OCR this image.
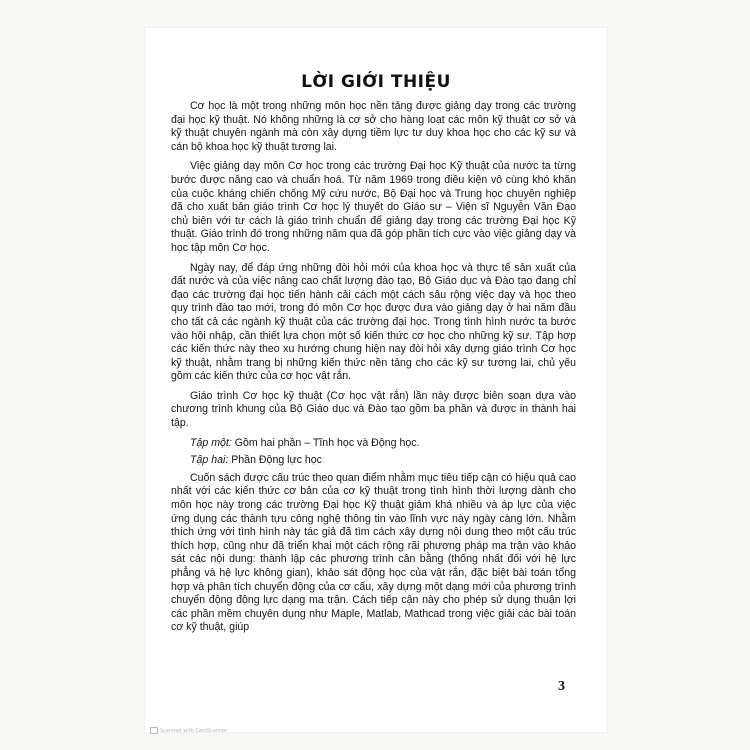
LỜI GIỚI THIỆU

Cơ học là một trong những môn học nền tảng được giảng dạy trong các trường đại học kỹ thuật. Nó không những là cơ sở cho hàng loạt các môn kỹ thuật cơ sở và kỹ thuật chuyên ngành mà còn xây dựng tiềm lực tư duy khoa học cho các kỹ sư và cán bộ khoa học kỹ thuật tương lai.

Việc giảng dạy môn Cơ học trong các trường Đại học Kỹ thuật của nước ta từng bước được nâng cao và chuẩn hoá. Từ năm 1969 trong điều kiện vô cùng khó khăn của cuộc kháng chiến chống Mỹ cứu nước, Bộ Đại học và Trung học chuyên nghiệp đã cho xuất bản giáo trình Cơ học lý thuyết do Giáo sư – Viện sĩ Nguyễn Văn Đạo chủ biên với tư cách là giáo trình chuẩn để giảng dạy trong các trường Đại học Kỹ thuật. Giáo trình đó trong những năm qua đã góp phần tích cực vào việc giảng dạy và học tập môn Cơ học.

Ngày nay, để đáp ứng những đòi hỏi mới của khoa học và thực tế sản xuất của đất nước và của việc nâng cao chất lượng đào tạo, Bộ Giáo dục và Đào tạo đang chỉ đạo các trường đại học tiến hành cải cách một cách sâu rộng việc dạy và học theo quy trình đào tạo mới, trong đó môn Cơ học được đưa vào giảng dạy ở hai năm đầu cho tất cả các ngành kỹ thuật của các trường đại học. Trong tình hình nước ta bước vào hội nhập, cần thiết lựa chọn một số kiến thức cơ học cho những kỹ sư. Tập hợp các kiến thức này theo xu hướng chung hiện nay đòi hỏi xây dựng giáo trình Cơ học kỹ thuật, nhằm trang bị những kiến thức nền tảng cho các kỹ sư tương lai, chủ yếu gồm các kiến thức của cơ học vật rắn.

Giáo trình Cơ học kỹ thuật (Cơ học vật rắn) lần này được biên soạn dựa vào chương trình khung của Bộ Giáo dục và Đào tạo gồm ba phần và được in thành hai tập.

Tập một: Gồm hai phần – Tĩnh học và Động học.

Tập hai: Phần Động lực học

Cuốn sách được cấu trúc theo quan điểm nhằm mục tiêu tiếp cận có hiệu quả cao nhất với các kiến thức cơ bản của cơ kỹ thuật trong tình hình thời lượng dành cho môn học này trong các trường Đại học Kỹ thuật giảm khá nhiều và áp lực của việc ứng dụng các thành tựu công nghệ thông tin vào lĩnh vực này ngày càng lớn. Nhằm thích ứng với tình hình này tác giả đã tìm cách xây dựng nội dung theo một cấu trúc thích hợp, cũng như đã triển khai một cách rộng rãi phương pháp ma trận vào khảo sát các nội dung: thành lập các phương trình cân bằng (thống nhất đối với hệ lực phẳng và hệ lực không gian), khảo sát động học của vật rắn, đặc biệt bài toán tổng hợp và phân tích chuyển động của cơ cấu, xây dựng một dạng mới của phương trình chuyển động động lực dạng ma trận. Cách tiếp cận này cho phép sử dụng thuận lợi các phần mềm chuyên dụng như Maple, Matlab, Mathcad trong việc giải các bài toán cơ kỹ thuật, giúp

3
Scanned with CamScanner
